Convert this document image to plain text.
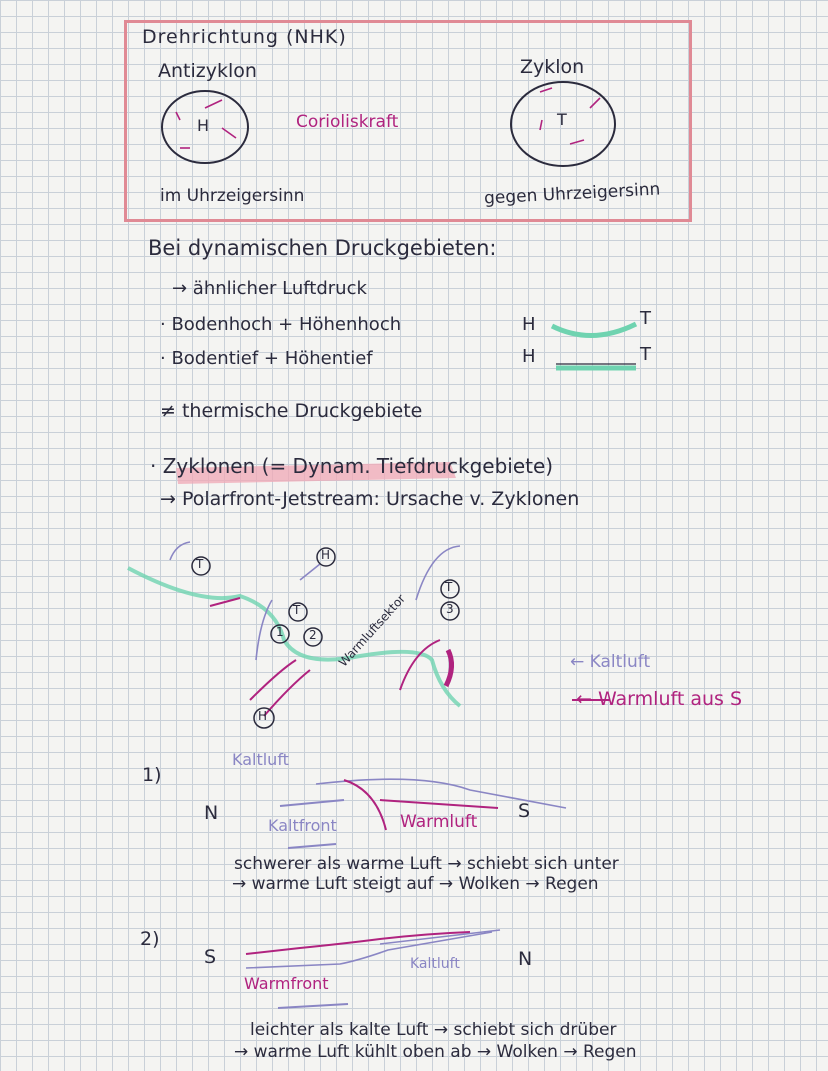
Drehrichtung (NHK)
Antizyklon	Zyklon
H	T
Corioliskraft
im Uhrzeigersinn	gegen Uhrzeigersinn
Bei dynamischen Druckgebieten:
→ ähnlicher Luftdruck
· Bodenhoch + Höhenhoch
· Bodentief + Höhentief
H	T
H	T
≠ thermische Druckgebiete
· Zyklonen (= Dynam. Tiefdruckgebiete)
→ Polarfront-Jetstream: Ursache v. Zyklonen
T
H
T
1 2
T
3
H
Warmluftsektor	← Kaltluft
← Warmluft aus S
1)
Kaltluft
N	S
Kaltfront	Warmluft
schwerer als warme Luft → schiebt sich unter
→ warme Luft steigt auf → Wolken → Regen
2)
S	N
Warmfront
Kaltluft
leichter als kalte Luft → schiebt sich drüber
→ warme Luft kühlt oben ab → Wolken → Regen
